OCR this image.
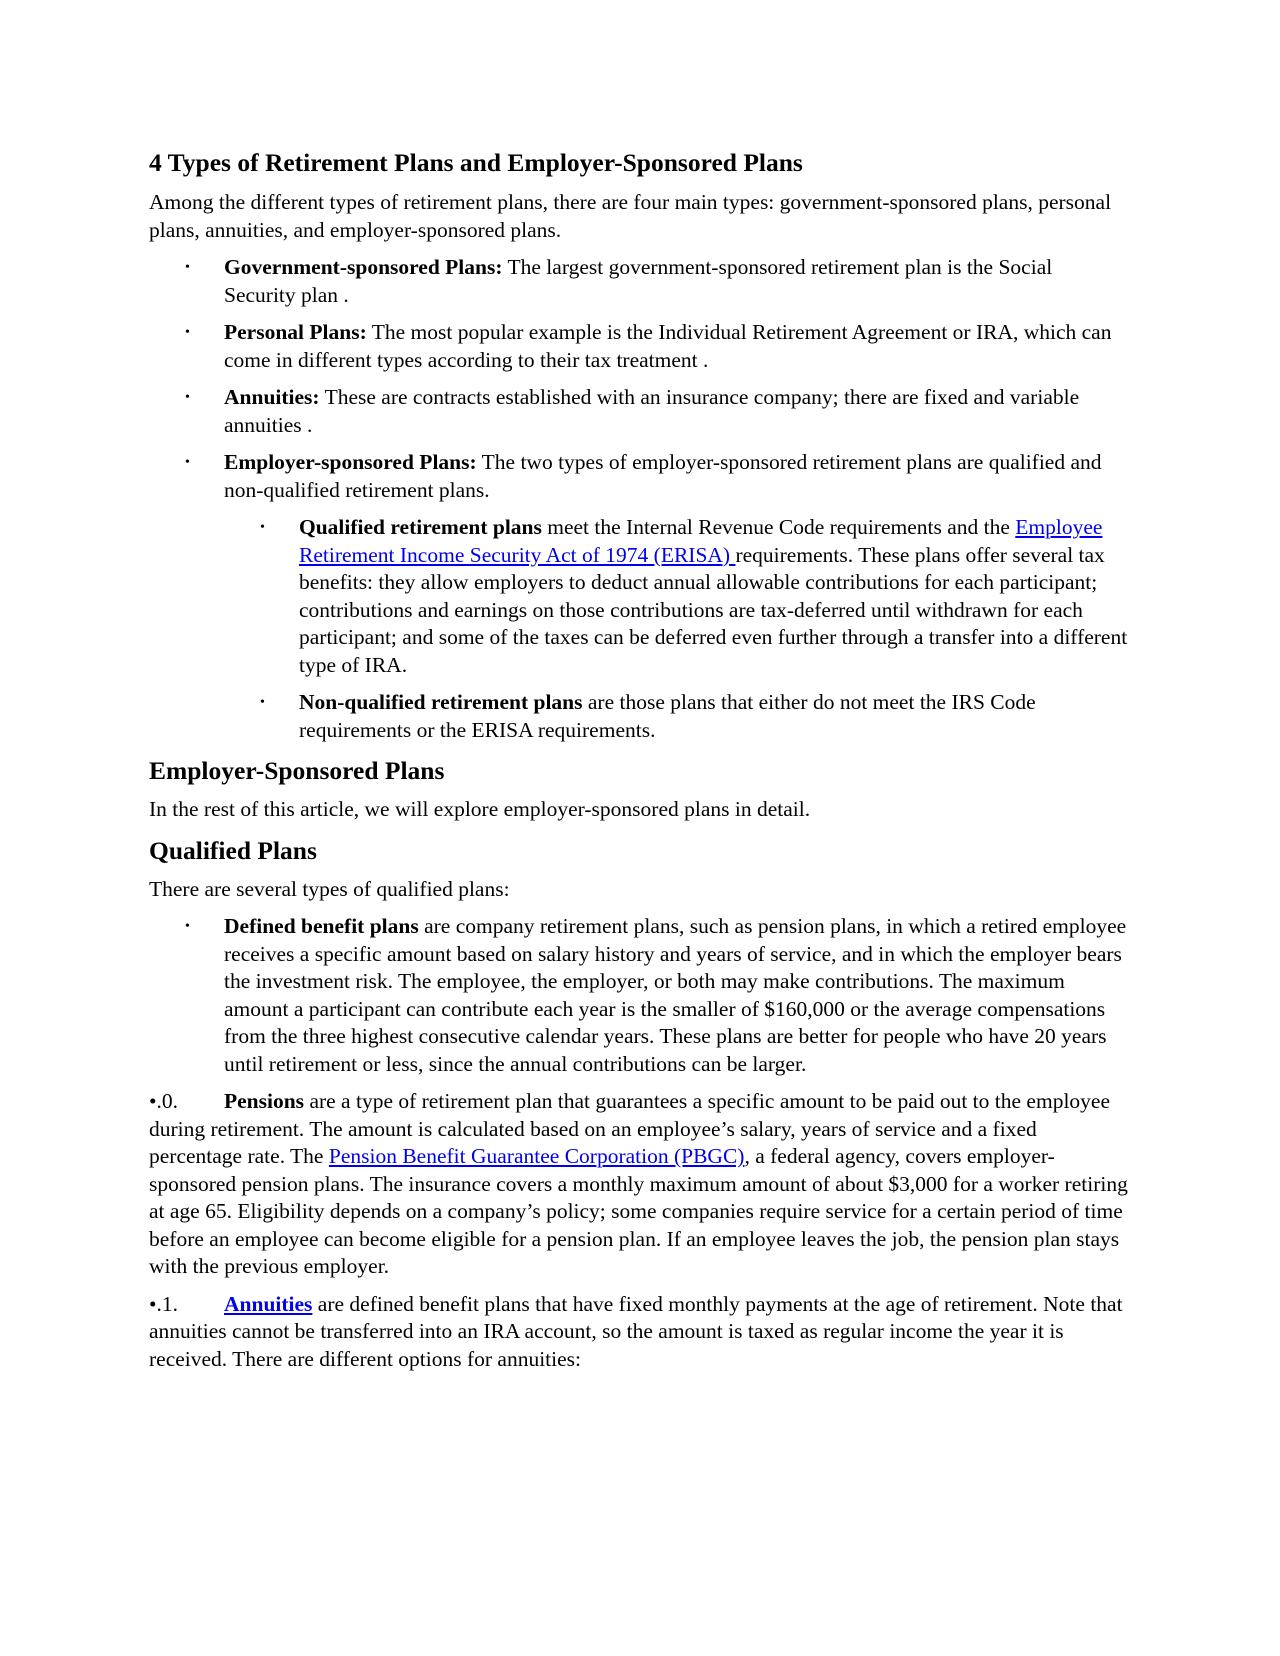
4 Types of Retirement Plans and Employer-Sponsored Plans

Among the different types of retirement plans, there are four main types: government-sponsored plans, personal plans, annuities, and employer-sponsored plans.

• Government-sponsored Plans: The largest government-sponsored retirement plan is the Social Security plan .
• Personal Plans: The most popular example is the Individual Retirement Agreement or IRA, which can come in different types according to their tax treatment .
• Annuities: These are contracts established with an insurance company; there are fixed and variable annuities .
• Employer-sponsored Plans: The two types of employer-sponsored retirement plans are qualified and non-qualified retirement plans.
• Qualified retirement plans meet the Internal Revenue Code requirements and the Employee Retirement Income Security Act of 1974 (ERISA) requirements. These plans offer several tax benefits: they allow employers to deduct annual allowable contributions for each participant; contributions and earnings on those contributions are tax-deferred until withdrawn for each participant; and some of the taxes can be deferred even further through a transfer into a different type of IRA.
• Non-qualified retirement plans are those plans that either do not meet the IRS Code requirements or the ERISA requirements.
Employer-Sponsored Plans

In the rest of this article, we will explore employer-sponsored plans in detail.

Qualified Plans

There are several types of qualified plans:

• Defined benefit plans are company retirement plans, such as pension plans, in which a retired employee receives a specific amount based on salary history and years of service, and in which the employer bears the investment risk. The employee, the employer, or both may make contributions. The maximum amount a participant can contribute each year is the smaller of $160,000 or the average compensations from the three highest consecutive calendar years. These plans are better for people who have 20 years until retirement or less, since the annual contributions can be larger.

•.0. Pensions are a type of retirement plan that guarantees a specific amount to be paid out to the employee during retirement. The amount is calculated based on an employee’s salary, years of service and a fixed percentage rate. The Pension Benefit Guarantee Corporation (PBGC), a federal agency, covers employer-sponsored pension plans. The insurance covers a monthly maximum amount of about $3,000 for a worker retiring at age 65. Eligibility depends on a company’s policy; some companies require service for a certain period of time before an employee can become eligible for a pension plan. If an employee leaves the job, the pension plan stays with the previous employer.

•.1. Annuities are defined benefit plans that have fixed monthly payments at the age of retirement. Note that annuities cannot be transferred into an IRA account, so the amount is taxed as regular income the year it is received. There are different options for annuities:
